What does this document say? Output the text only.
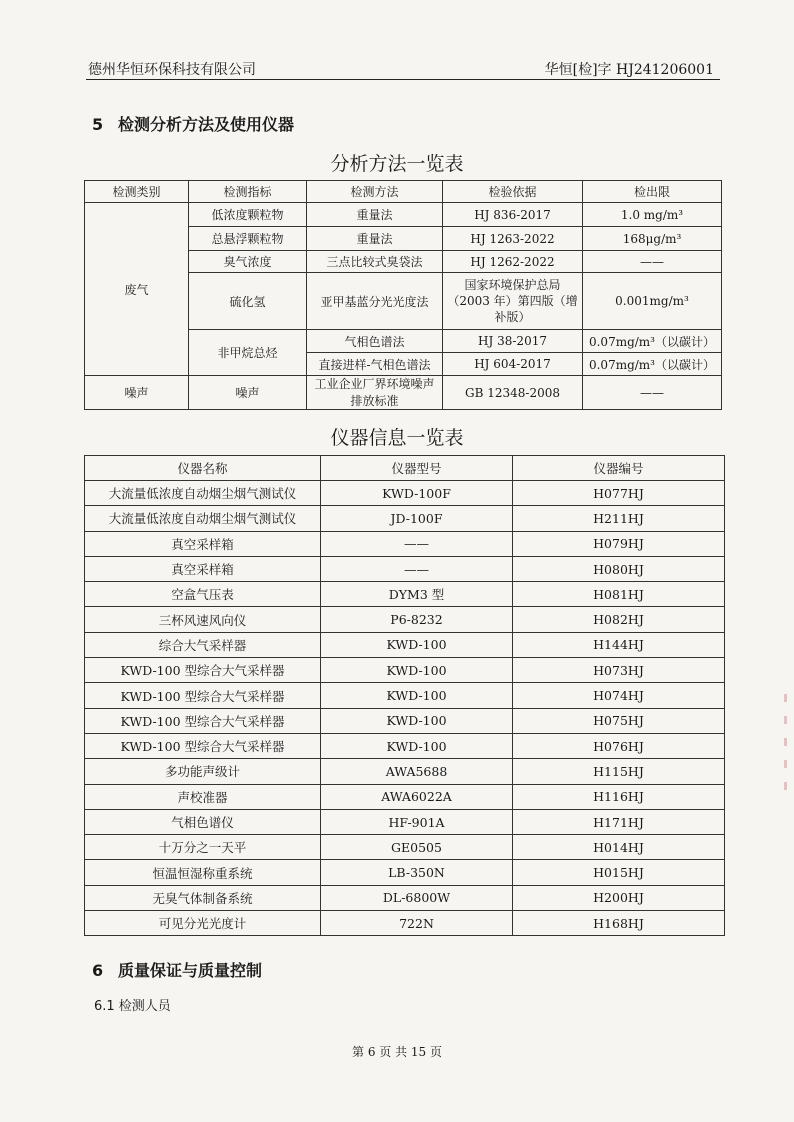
德州华恒环保科技有限公司	华恒[检]字 HJ241206001
5 检测分析方法及使用仪器
分析方法一览表
检测类别	检测指标	检测方法	检验依据	检出限
废气	低浓度颗粒物	重量法	HJ 836-2017	1.0 mg/m³
	总悬浮颗粒物	重量法	HJ 1263-2022	168μg/m³
	臭气浓度	三点比较式臭袋法	HJ 1262-2022	——
	硫化氢	亚甲基蓝分光光度法	国家环境保护总局（2003 年）第四版（增补版）	0.001mg/m³
	非甲烷总烃	气相色谱法	HJ 38-2017	0.07mg/m³（以碳计）
		直接进样-气相色谱法	HJ 604-2017	0.07mg/m³（以碳计）
噪声	噪声	工业企业厂界环境噪声排放标准	GB 12348-2008	——
仪器信息一览表
仪器名称	仪器型号	仪器编号
大流量低浓度自动烟尘烟气测试仪	KWD-100F	H077HJ
大流量低浓度自动烟尘烟气测试仪	JD-100F	H211HJ
真空采样箱	——	H079HJ
真空采样箱	——	H080HJ
空盒气压表	DYM3 型	H081HJ
三杯风速风向仪	P6-8232	H082HJ
综合大气采样器	KWD-100	H144HJ
KWD-100 型综合大气采样器	KWD-100	H073HJ
KWD-100 型综合大气采样器	KWD-100	H074HJ
KWD-100 型综合大气采样器	KWD-100	H075HJ
KWD-100 型综合大气采样器	KWD-100	H076HJ
多功能声级计	AWA5688	H115HJ
声校准器	AWA6022A	H116HJ
气相色谱仪	HF-901A	H171HJ
十万分之一天平	GE0505	H014HJ
恒温恒湿称重系统	LB-350N	H015HJ
无臭气体制备系统	DL-6800W	H200HJ
可见分光光度计	722N	H168HJ
6 质量保证与质量控制
6.1 检测人员
第 6 页 共 15 页
